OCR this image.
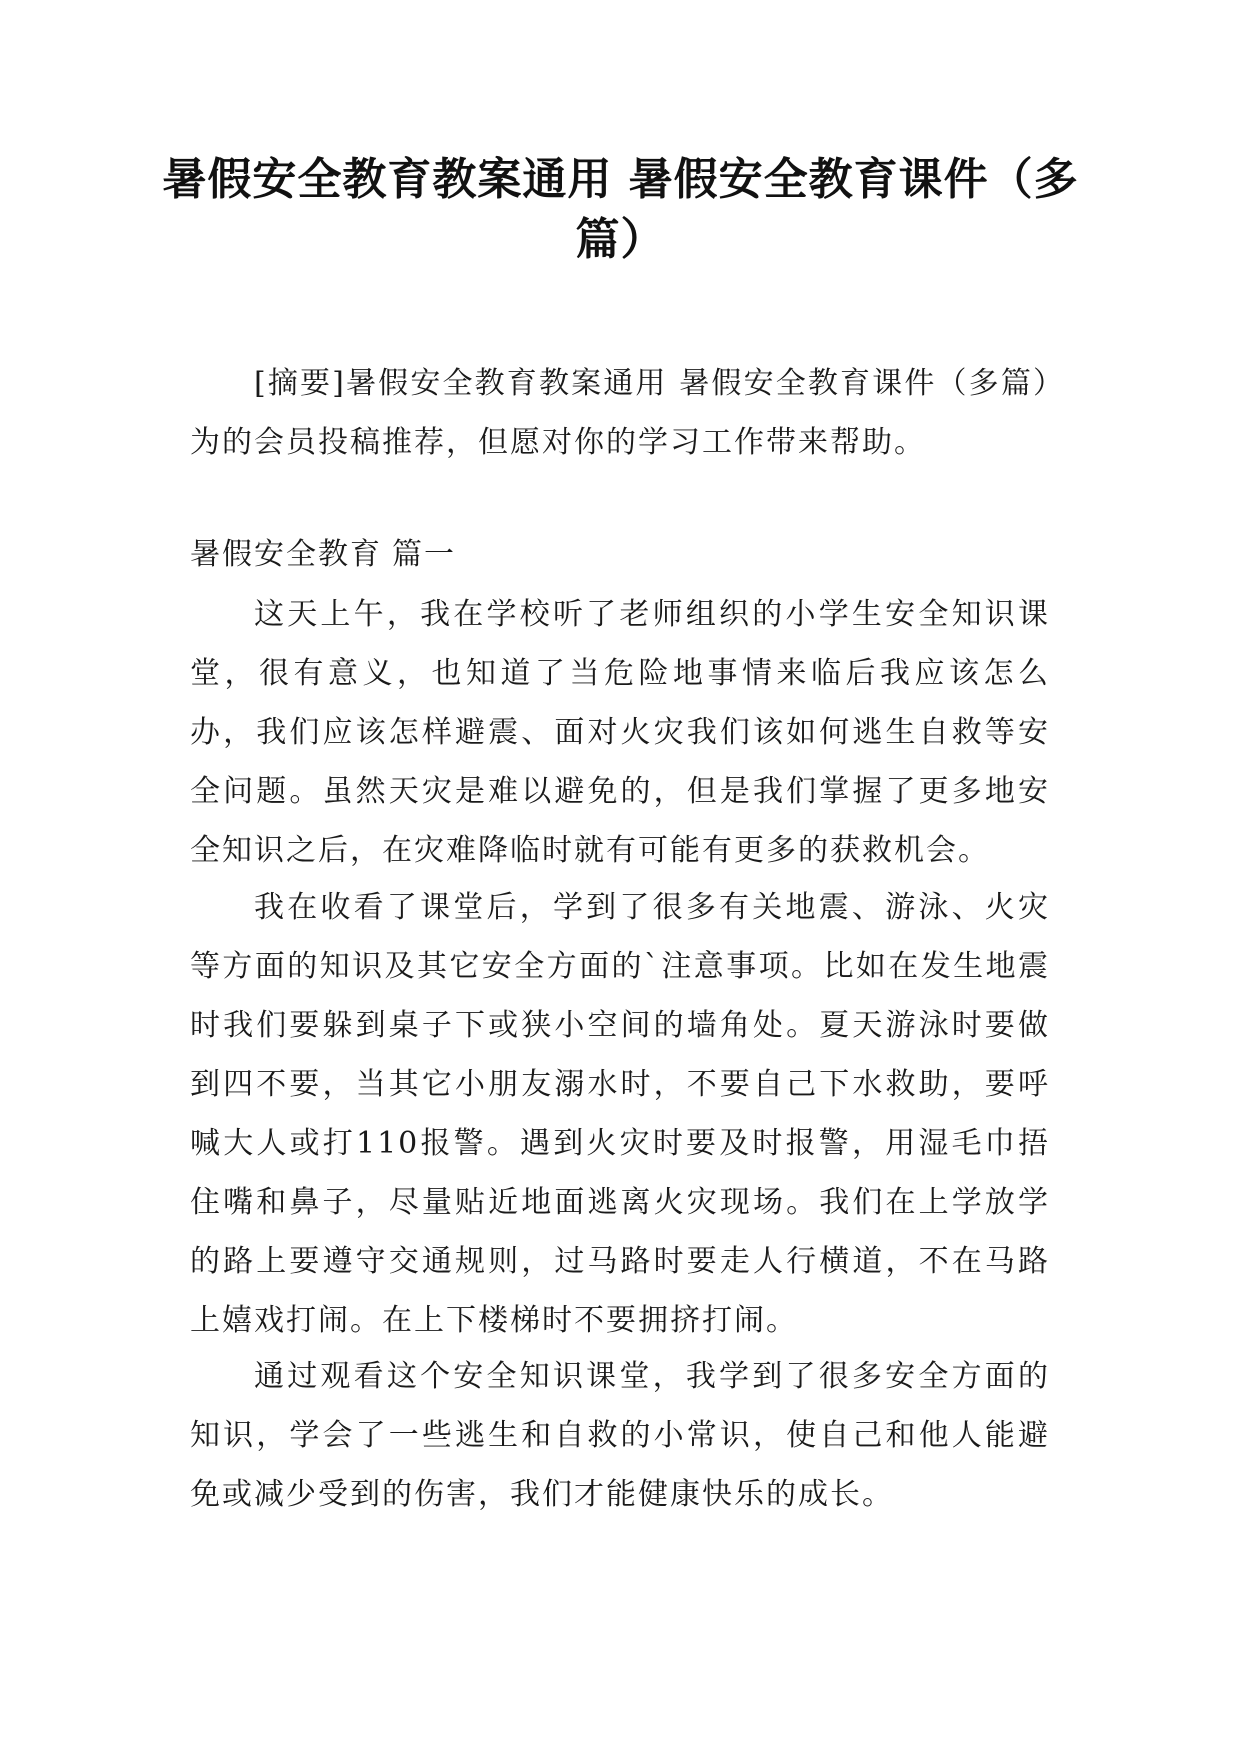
暑假安全教育教案通用 暑假安全教育课件（多篇）

[摘要]暑假安全教育教案通用 暑假安全教育课件（多篇）为的会员投稿推荐，但愿对你的学习工作带来帮助。

暑假安全教育 篇一

这天上午，我在学校听了老师组织的小学生安全知识课堂，很有意义，也知道了当危险地事情来临后我应该怎么办，我们应该怎样避震、面对火灾我们该如何逃生自救等安全问题。虽然天灾是难以避免的，但是我们掌握了更多地安全知识之后，在灾难降临时就有可能有更多的获救机会。

我在收看了课堂后，学到了很多有关地震、游泳、火灾等方面的知识及其它安全方面的`注意事项。比如在发生地震时我们要躲到桌子下或狭小空间的墙角处。夏天游泳时要做到四不要，当其它小朋友溺水时，不要自己下水救助，要呼喊大人或打110报警。遇到火灾时要及时报警，用湿毛巾捂住嘴和鼻子，尽量贴近地面逃离火灾现场。我们在上学放学的路上要遵守交通规则，过马路时要走人行横道，不在马路上嬉戏打闹。在上下楼梯时不要拥挤打闹。

通过观看这个安全知识课堂，我学到了很多安全方面的知识，学会了一些逃生和自救的小常识，使自己和他人能避免或减少受到的伤害，我们才能健康快乐的成长。
